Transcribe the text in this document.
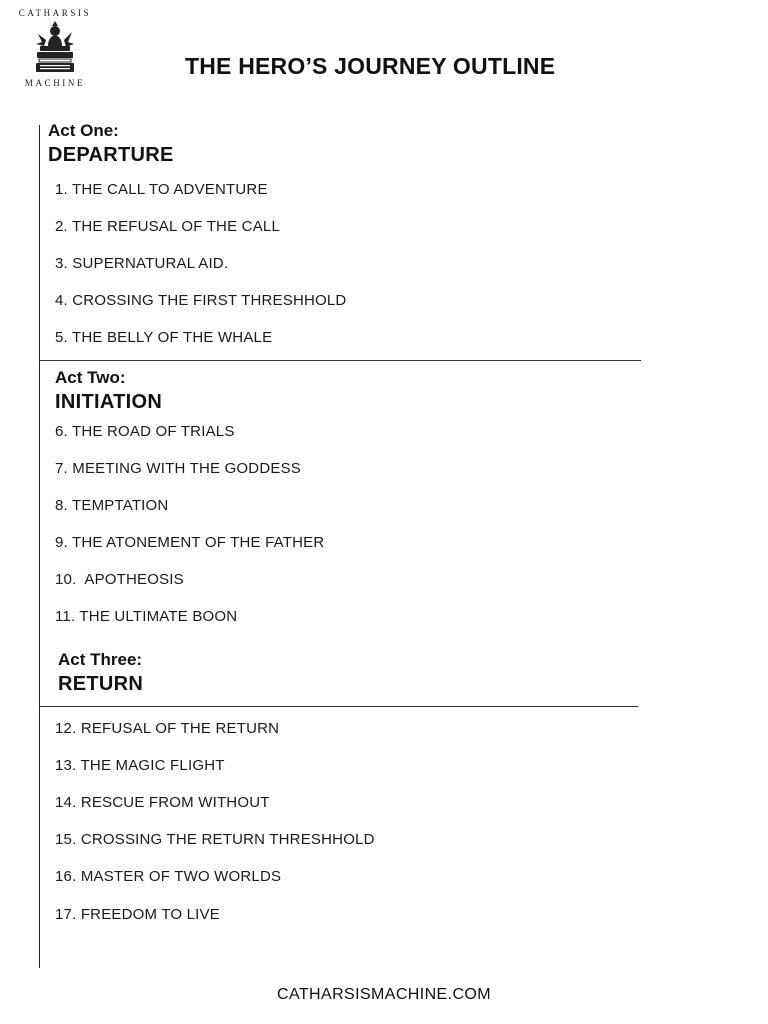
CATHARSIS
MACHINE
THE HERO’S JOURNEY OUTLINE
Act One:
DEPARTURE
1. THE CALL TO ADVENTURE
2. THE REFUSAL OF THE CALL
3. SUPERNATURAL AID.
4. CROSSING THE FIRST THRESHHOLD
5. THE BELLY OF THE WHALE
Act Two:
INITIATION
6. THE ROAD OF TRIALS
7. MEETING WITH THE GODDESS
8. TEMPTATION
9. THE ATONEMENT OF THE FATHER
10.  APOTHEOSIS
11. THE ULTIMATE BOON
Act Three:
RETURN
12. REFUSAL OF THE RETURN
13. THE MAGIC FLIGHT
14. RESCUE FROM WITHOUT
15. CROSSING THE RETURN THRESHHOLD
16. MASTER OF TWO WORLDS
17. FREEDOM TO LIVE
CATHARSISMACHINE.COM
